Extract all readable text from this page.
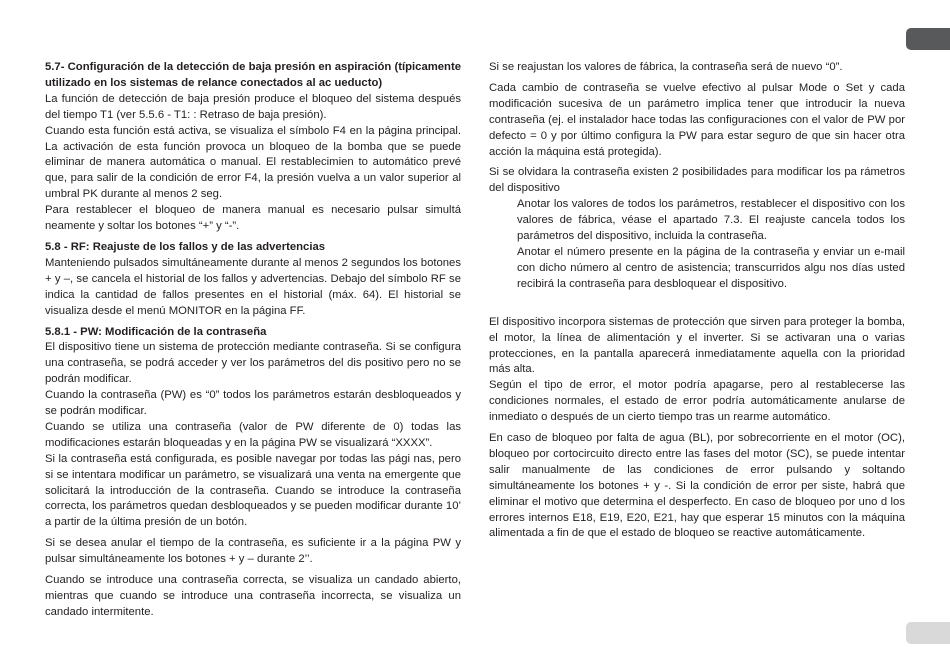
5.7- Configuración de la detección de baja presión en aspiración (típicamente utilizado en los sistemas de relance conectados al ac ueducto)

La función de detección de baja presión produce el bloqueo del sistema después del tiempo T1 (ver 5.5.6 - T1: : Retraso de baja presión).

Cuando esta función está activa, se visualiza el símbolo F4 en la página principal. La activación de esta función provoca un bloqueo de la bomba que se puede eliminar de manera automática o manual. El restablecimien to automático prevé que, para salir de la condición de error F4, la presión vuelva a un valor superior al umbral PK durante al menos 2 seg.

Para restablecer el bloqueo de manera manual es necesario pulsar simultá neamente y soltar los botones “+” y “-”.

5.8 - RF: Reajuste de los fallos y de las advertencias

Manteniendo pulsados simultáneamente durante al menos 2 segundos los botones + y –, se cancela el historial de los fallos y advertencias. Debajo del símbolo RF se indica la cantidad de fallos presentes en el historial (máx. 64). El historial se visualiza desde el menú MONITOR en la página FF.

5.8.1 - PW: Modificación de la contraseña

El dispositivo tiene un sistema de protección mediante contraseña. Si se configura una contraseña, se podrá acceder y ver los parámetros del dis positivo pero no se podrán modificar.

Cuando la contraseña (PW) es “0” todos los parámetros estarán desbloqueados y se podrán modificar.

Cuando se utiliza una contraseña (valor de PW diferente de 0) todas las modificaciones estarán bloqueadas y en la página PW se visualizará “XXXX”.

Si la contraseña está configurada, es posible navegar por todas las pági nas, pero si se intentara modificar un parámetro, se visualizará una venta na emergente que solicitará la introducción de la contraseña. Cuando se introduce la contraseña correcta, los parámetros quedan desbloqueados y se pueden modificar durante 10’ a partir de la última presión de un botón.

Si se desea anular el tiempo de la contraseña, es suficiente ir a la página PW y pulsar simultáneamente los botones + y – durante 2’’.

Cuando se introduce una contraseña correcta, se visualiza un candado abierto, mientras que cuando se introduce una contraseña incorrecta, se visualiza un candado intermitente.

Si se reajustan los valores de fábrica, la contraseña será de nuevo “0”.

Cada cambio de contraseña se vuelve efectivo al pulsar Mode o Set y cada modificación sucesiva de un parámetro implica tener que introducir la nueva contraseña (ej. el instalador hace todas las configuraciones con el valor de PW por defecto = 0 y por último configura la PW para estar seguro de que sin hacer otra acción la máquina está protegida).

Si se olvidara la contraseña existen 2 posibilidades para modificar los pa rámetros del dispositivo

Anotar los valores de todos los parámetros, restablecer el dispositivo con los valores de fábrica, véase el apartado 7.3. El reajuste cancela todos los parámetros del dispositivo, incluida la contraseña.

Anotar el número presente en la página de la contraseña y enviar un e-mail con dicho número al centro de asistencia; transcurridos algu nos días usted recibirá la contraseña para desbloquear el dispositivo.

El dispositivo incorpora sistemas de protección que sirven para proteger la bomba, el motor, la línea de alimentación y el inverter. Si se activaran una o varias protecciones, en la pantalla aparecerá inmediatamente aquella con la prioridad más alta.

Según el tipo de error, el motor podría apagarse, pero al restablecerse las condiciones normales, el estado de error podría automáticamente anularse de inmediato o después de un cierto tiempo tras un rearme automático.

En caso de bloqueo por falta de agua (BL), por sobrecorriente en el motor (OC), bloqueo por cortocircuito directo entre las fases del motor (SC), se puede intentar salir manualmente de las condiciones de error pulsando y soltando simultáneamente los botones + y -. Si la condición de error per siste, habrá que eliminar el motivo que determina el desperfecto. En caso de bloqueo por uno d los errores internos E18, E19, E20, E21, hay que esperar 15 minutos con la máquina alimentada a fin de que el estado de bloqueo se reactive automáticamente.
